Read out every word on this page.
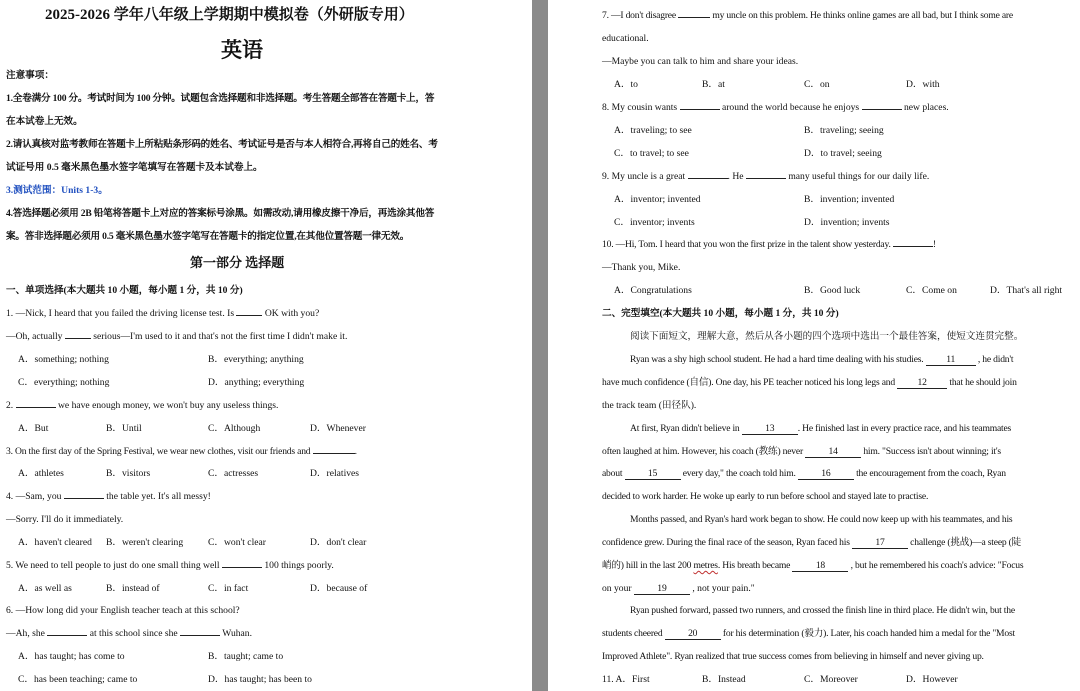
2025-2026 学年八年级上学期期中模拟卷（外研版专用）
英语
注意事项：
1.全卷满分 100 分。考试时间为 100 分钟。试题包含选择题和非选择题。考生答题全部答在答题卡上，答
在本试卷上无效。
2.请认真核对监考教师在答题卡上所粘贴条形码的姓名、考试证号是否与本人相符合,再将自己的姓名、考
试证号用 0.5 毫米黑色墨水签字笔填写在答题卡及本试卷上。
3.测试范围：Units 1-3。
4.答选择题必须用 2B 铅笔将答题卡上对应的答案标号涂黑。如需改动,请用橡皮擦干净后，再选涂其他答
案。答非选择题必须用 0.5 毫米黑色墨水签字笔写在答题卡的指定位置,在其他位置答题一律无效。
第一部分 选择题
一、单项选择(本大题共 10 小题，每小题 1 分，共 10 分)
1. —Nick, I heard that you failed the driving license test. Is	OK with you?
—Oh, actually	serious—I'm used to it and that's not the first time I didn't make it.
A．something; nothing	B．everything; anything
C．everything; nothing	D．anything; everything
2.	we have enough money, we won't buy any useless things.
A．But	B．Until	C．Although	D．Whenever
3. On the first day of the Spring Festival, we wear new clothes, visit our friends and	.
A．athletes	B．visitors	C．actresses	D．relatives
4. —Sam, you	the table yet. It's all messy!
—Sorry. I'll do it immediately.
A．haven't cleared B．weren't clearing	C．won't clear	D．don't clear
5. We need to tell people to just do one small thing well	100 things poorly.
A．as well as	B．instead of	C．in fact	D．because of
6. —How long did your English teacher teach at this school?
—Ah, she	at this school since she	Wuhan.
A．has taught; has come to	B．taught; came to
C．has been teaching; came to	D．has taught; has been to
7. —I don't disagree	my uncle on this problem. He thinks online games are all bad, but I think some are
educational.
—Maybe you can talk to him and share your ideas.
A．to	B．at	C．on	D．with
8. My cousin wants	around the world because he enjoys	new places.
A．traveling; to see	B．traveling; seeing
C．to travel; to see	D．to travel; seeing
9. My uncle is a great	. He	many useful things for our daily life.
A．inventor; invented	B．invention; invented
C．inventor; invents	D．invention; invents
10. —Hi, Tom. I heard that you won the first prize in the talent show yesterday.	!
—Thank you, Mike.
A．Congratulations	B．Good luck	C．Come on	D．That's all right
二、完型填空(本大题共 10 小题，每小题 1 分，共 10 分)
阅读下面短文，理解大意，然后从各小题的四个选项中选出一个最佳答案，使短文连贯完整。
Ryan was a shy high school student. He had a hard time dealing with his studies. 11 , he didn't
have much confidence (自信). One day, his PE teacher noticed his long legs and 12 that he should join
the track team (田径队).
At first, Ryan didn't believe in 13 . He finished last in every practice race, and his teammates
often laughed at him. However, his coach (教练) never 14 him. "Success isn't about winning; it's
about 15 every day," the coach told him. 16 the encouragement from the coach, Ryan
decided to work harder. He woke up early to run before school and stayed late to practise.
Months passed, and Ryan's hard work began to show. He could now keep up with his teammates, and his
confidence grew. During the final race of the season, Ryan faced his 17 challenge (挑战)—a steep (陡
峭的) hill in the last 200 metres. His breath became 18 , but he remembered his coach's advice: "Focus
on your 19 , not your pain."
Ryan pushed forward, passed two runners, and crossed the finish line in third place. He didn't win, but the
students cheered 20 for his determination (毅力). Later, his coach handed him a medal for the "Most
Improved Athlete". Ryan realized that true success comes from believing in himself and never giving up.
11. A．First	B．Instead	C．Moreover	D．However
